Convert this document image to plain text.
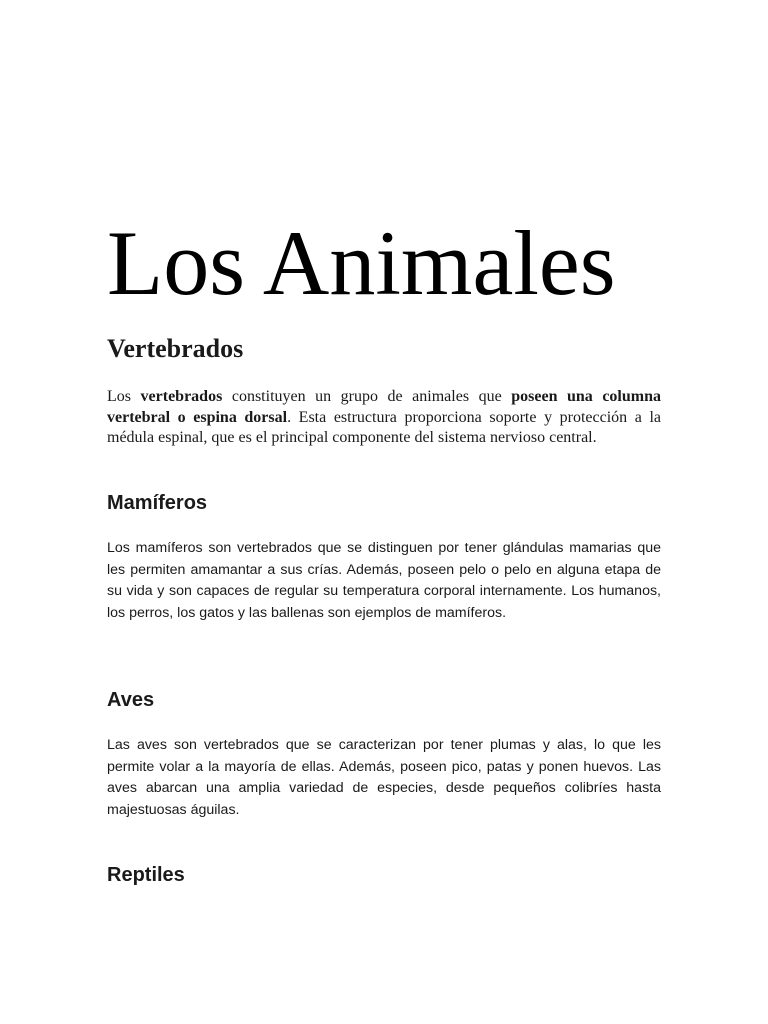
Los Animales
Vertebrados

Los vertebrados constituyen un grupo de animales que poseen una columna vertebral o espina dorsal. Esta estructura proporciona soporte y protección a la médula espinal, que es el principal componente del sistema nervioso central.

Mamíferos

Los mamíferos son vertebrados que se distinguen por tener glándulas mamarias que les permiten amamantar a sus crías. Además, poseen pelo o pelo en alguna etapa de su vida y son capaces de regular su temperatura corporal internamente. Los humanos, los perros, los gatos y las ballenas son ejemplos de mamíferos.

Aves

Las aves son vertebrados que se caracterizan por tener plumas y alas, lo que les permite volar a la mayoría de ellas. Además, poseen pico, patas y ponen huevos. Las aves abarcan una amplia variedad de especies, desde pequeños colibríes hasta majestuosas águilas.

Reptiles
